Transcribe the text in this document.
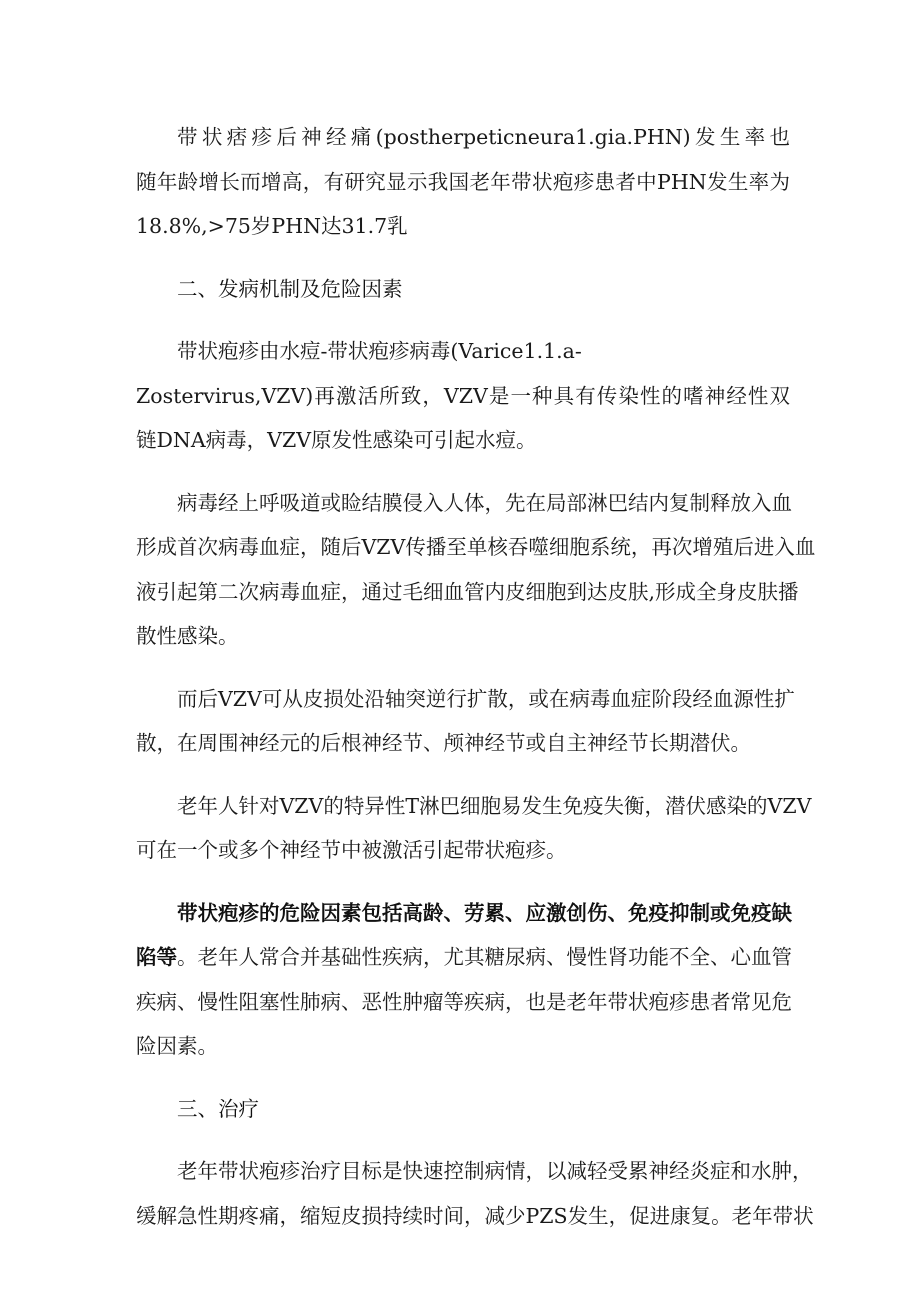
带状痞疹后神经痛(postherpeticneura1.gia.PHN)发生率也
随年龄增长而增高，有研究显示我国老年带状疱疹患者中PHN发生率为
18.8%,>75岁PHN达31.7乳

二、发病机制及危险因素

带状疱疹由水痘-带状疱疹病毒(Varice1.1.a-
Zostervirus,VZV)再激活所致，VZV是一种具有传染性的嗜神经性双
链DNA病毒，VZV原发性感染可引起水痘。

病毒经上呼吸道或睑结膜侵入人体，先在局部淋巴结内复制释放入血
形成首次病毒血症，随后VZV传播至单核吞噬细胞系统，再次增殖后进入血
液引起第二次病毒血症，通过毛细血管内皮细胞到达皮肤,形成全身皮肤播
散性感染。

而后VZV可从皮损处沿轴突逆行扩散，或在病毒血症阶段经血源性扩
散，在周围神经元的后根神经节、颅神经节或自主神经节长期潜伏。

老年人针对VZV的特异性T淋巴细胞易发生免疫失衡，潜伏感染的VZV
可在一个或多个神经节中被激活引起带状疱疹。

带状疱疹的危险因素包括高龄、劳累、应激创伤、免疫抑制或免疫缺
陷等。老年人常合并基础性疾病，尤其糖尿病、慢性肾功能不全、心血管
疾病、慢性阻塞性肺病、恶性肿瘤等疾病，也是老年带状疱疹患者常见危
险因素。

三、治疗

老年带状疱疹治疗目标是快速控制病情，以减轻受累神经炎症和水肿，
缓解急性期疼痛，缩短皮损持续时间，减少PZS发生，促进康复。老年带状
